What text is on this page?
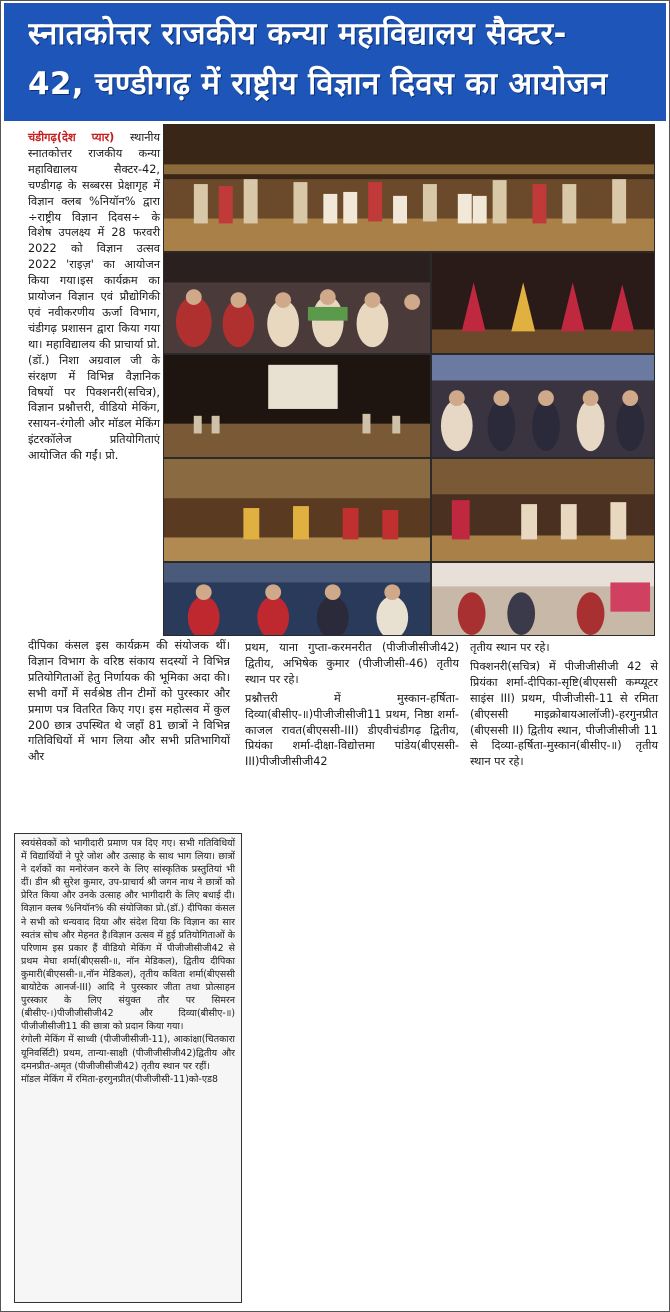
स्नातकोत्तर राजकीय कन्या महाविद्यालय सैक्टर-
42, चण्डीगढ़ में राष्ट्रीय विज्ञान दिवस का आयोजन

चंडीगढ़(देश प्यार) स्थानीय स्नातकोत्तर राजकीय कन्या महाविद्यालय सैक्टर-42, चण्डीगढ़ के सब्बरस प्रेक्षागृह में विज्ञान क्लब %नियॉन% द्वारा ÷राष्ट्रीय विज्ञान दिवस÷ के विशेष उपलक्ष्य में 28 फरवरी 2022 को विज्ञान उत्सव 2022 'राइज़' का आयोजन किया गया।इस कार्यक्रम का प्रायोजन विज्ञान एवं प्रौद्योगिकी एवं नवीकरणीय ऊर्जा विभाग, चंडीगढ़ प्रशासन द्वारा किया गया था। महाविद्यालय की प्राचार्या प्रो.(डॉ.) निशा अग्रवाल जी के संरक्षण में विभिन्न वैज्ञानिक विषयों पर पिक्शनरी(सचित्र), विज्ञान प्रश्नौत्तरी, वीडियो मेकिंग, रसायन-रंगोली और मॉडल मेकिंग इंटरकॉलेज प्रतियोगिताएं आयोजित की गईं। प्रो.

दीपिका कंसल इस कार्यक्रम की संयोजक थीं। विज्ञान विभाग के वरिष्ठ संकाय सदस्यों ने विभिन्न प्रतियोगिताओं हेतु निर्णायक की भूमिका अदा की। सभी वर्गों में सर्वश्रेष्ठ तीन टीमों को पुरस्कार और प्रमाण पत्र वितरित किए गए। इस महोत्सव में कुल 200 छात्र उपस्थित थे जहाँ 81 छात्रों ने विभिन्न गतिविधियों में भाग लिया और सभी प्रतिभागियों और

स्वयंसेवकों को भागीदारी प्रमाण पत्र दिए गए। सभी गतिविधियों में विद्यार्थियों ने पूरे जोश और उत्साह के साथ भाग लिया। छात्रों ने दर्शकों का मनोरंजन करने के लिए सांस्कृतिक प्रस्तुतियां भी दीं। डीन श्री सुरेश कुमार, उप-प्राचार्य श्री जगन नाथ ने छात्रों को प्रेरित किया और उनके उत्साह और भागीदारी के लिए बधाई दी। विज्ञान क्लब %नियॉन% की संयोजिका प्रो.(डॉ.) दीपिका कंसल ने सभी को धन्यवाद दिया और संदेश दिया कि विज्ञान का सार स्वतंत्र सोच और मेहनत है।विज्ञान उत्सव में हुई प्रतियोगिताओं के परिणाम इस प्रकार हैं वीडियो मेकिंग में पीजीजीसीजी42 से प्रथम मेघा शर्मा(बीएससी-॥, नॉन मेडिकल), द्वितीय दीपिका कुमारी(बीएससी-॥,नॉन मेडिकल), तृतीय कविता शर्मा(बीएससी बायोटेक आनर्ज-III) आदि ने पुरस्कार जीता तथा प्रोत्साहन पुरस्कार के लिए संयुक्त तौर पर सिमरन (बीसीए-।)पीजीजीसीजी42 और दिव्या(बीसीए-॥) पीजीजीसीजी11 की छात्रा को प्रदान किया गया।

रंगोली मेकिंग में साध्वी (पीजीजीसीजी-11), आकांक्षा(चितकारा यूनिवर्सिटी) प्रथम, तान्या-साक्षी (पीजीजीसीजी42)द्वितीय और दमनप्रीत-अमृत (पीजीजीसीजी42) तृतीय स्थान पर रहीं।

मॉडल मेकिंग में रमिता-हरगुनप्रीत(पीजीजीसी-11)को-एड8

प्रथम, याना गुप्ता-करमनरीत (पीजीजीसीजी42) द्वितीय, अभिषेक कुमार (पीजीजीसी-46) तृतीय स्थान पर रहे।

प्रश्नौत्तरी में मुस्कान-हर्षिता-दिव्या(बीसीए-॥)पीजीजीसीजी11 प्रथम, निष्ठा शर्मा-काजल रावत(बीएससी-III) डीएवीचंडीगढ़ द्वितीय, प्रियंका शर्मा-दीक्षा-विद्योत्तमा पांडेय(बीएससी-III)पीजीजीसीजी42

तृतीय स्थान पर रहे।

पिक्शनरी(सचित्र) में पीजीजीसीजी 42 से प्रियंका शर्मा-दीपिका-सृष्टि(बीएससी कम्प्यूटर साइंस III) प्रथम, पीजीजीसी-11 से रमिता (बीएससी माइक्रोबायआलॉजी)-हरगुनप्रीत (बीएससी II) द्वितीय स्थान, पीजीजीसीजी 11 से दिव्या-हर्षिता-मुस्कान(बीसीए-॥) तृतीय स्थान पर रहे।
